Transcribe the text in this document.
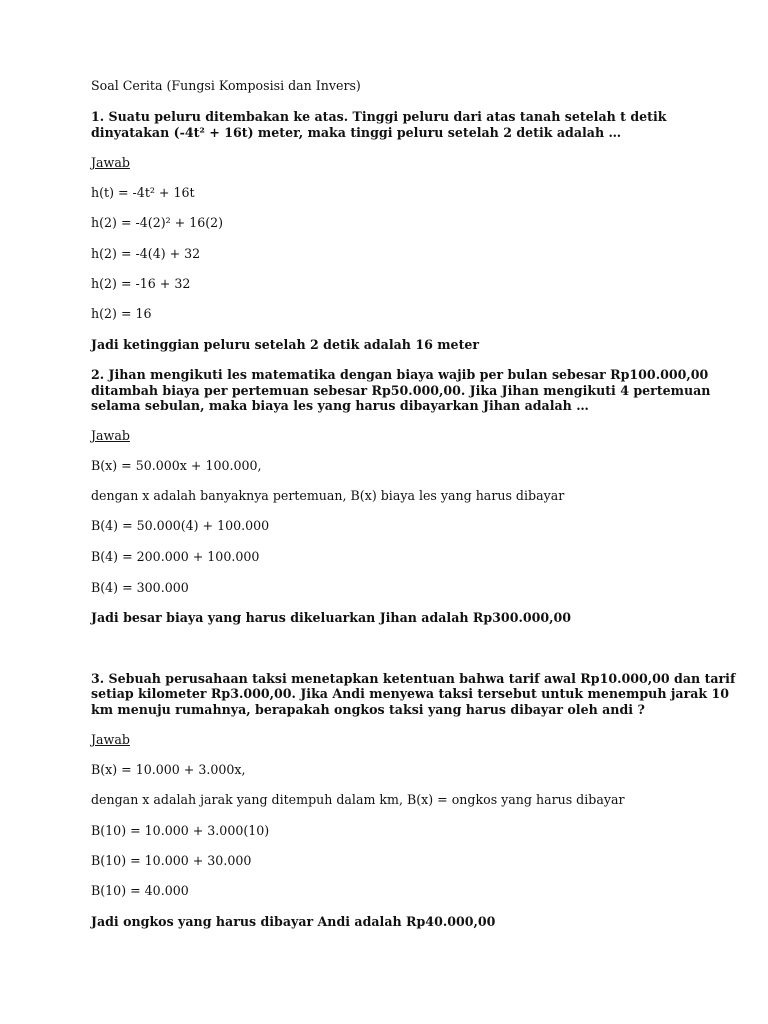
Soal Cerita (Fungsi Komposisi dan Invers)

1. Suatu peluru ditembakan ke atas. Tinggi peluru dari atas tanah setelah t detik

dinyatakan (-4t² + 16t) meter, maka tinggi peluru setelah 2 detik adalah …

Jawab

h(t) = -4t² + 16t

h(2) = -4(2)² + 16(2)

h(2) = -4(4) + 32

h(2) = -16 + 32

h(2) = 16

Jadi ketinggian peluru setelah 2 detik adalah 16 meter

2. Jihan mengikuti les matematika dengan biaya wajib per bulan sebesar Rp100.000,00

ditambah biaya per pertemuan sebesar Rp50.000,00. Jika Jihan mengikuti 4 pertemuan

selama sebulan, maka biaya les yang harus dibayarkan Jihan adalah …

Jawab

B(x) = 50.000x + 100.000,

dengan x adalah banyaknya pertemuan, B(x) biaya les yang harus dibayar

B(4) = 50.000(4) + 100.000

B(4) = 200.000 + 100.000

B(4) = 300.000

Jadi besar biaya yang harus dikeluarkan Jihan adalah Rp300.000,00

3. Sebuah perusahaan taksi menetapkan ketentuan bahwa tarif awal Rp10.000,00 dan tarif

setiap kilometer Rp3.000,00. Jika Andi menyewa taksi tersebut untuk menempuh jarak 10

km menuju rumahnya, berapakah ongkos taksi yang harus dibayar oleh andi ?

Jawab

B(x) = 10.000 + 3.000x,

dengan x adalah jarak yang ditempuh dalam km, B(x) = ongkos yang harus dibayar

B(10) = 10.000 + 3.000(10)

B(10) = 10.000 + 30.000

B(10) = 40.000

Jadi ongkos yang harus dibayar Andi adalah Rp40.000,00
